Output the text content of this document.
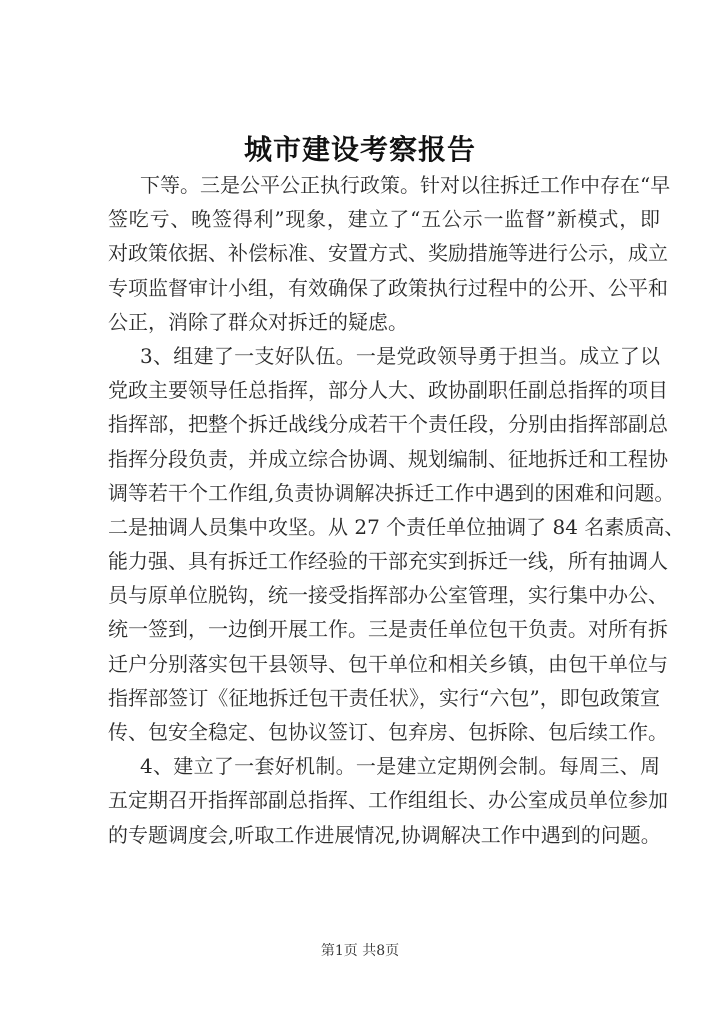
城市建设考察报告
下等。三是公平公正执行政策。针对以往拆迁工作中存在“早
签吃亏、晚签得利”现象，建立了“五公示一监督”新模式，即
对政策依据、补偿标准、安置方式、奖励措施等进行公示，成立
专项监督审计小组，有效确保了政策执行过程中的公开、公平和
公正，消除了群众对拆迁的疑虑。
3、组建了一支好队伍。一是党政领导勇于担当。成立了以
党政主要领导任总指挥，部分人大、政协副职任副总指挥的项目
指挥部，把整个拆迁战线分成若干个责任段，分别由指挥部副总
指挥分段负责，并成立综合协调、规划编制、征地拆迁和工程协
调等若干个工作组,负责协调解决拆迁工作中遇到的困难和问题。
二是抽调人员集中攻坚。从 27 个责任单位抽调了 84 名素质高、
能力强、具有拆迁工作经验的干部充实到拆迁一线，所有抽调人
员与原单位脱钩，统一接受指挥部办公室管理，实行集中办公、
统一签到，一边倒开展工作。三是责任单位包干负责。对所有拆
迁户分别落实包干县领导、包干单位和相关乡镇，由包干单位与
指挥部签订《征地拆迁包干责任状》，实行“六包”，即包政策宣
传、包安全稳定、包协议签订、包弃房、包拆除、包后续工作。
4、建立了一套好机制。一是建立定期例会制。每周三、周
五定期召开指挥部副总指挥、工作组组长、办公室成员单位参加
的专题调度会,听取工作进展情况,协调解决工作中遇到的问题。
第1页 共8页
